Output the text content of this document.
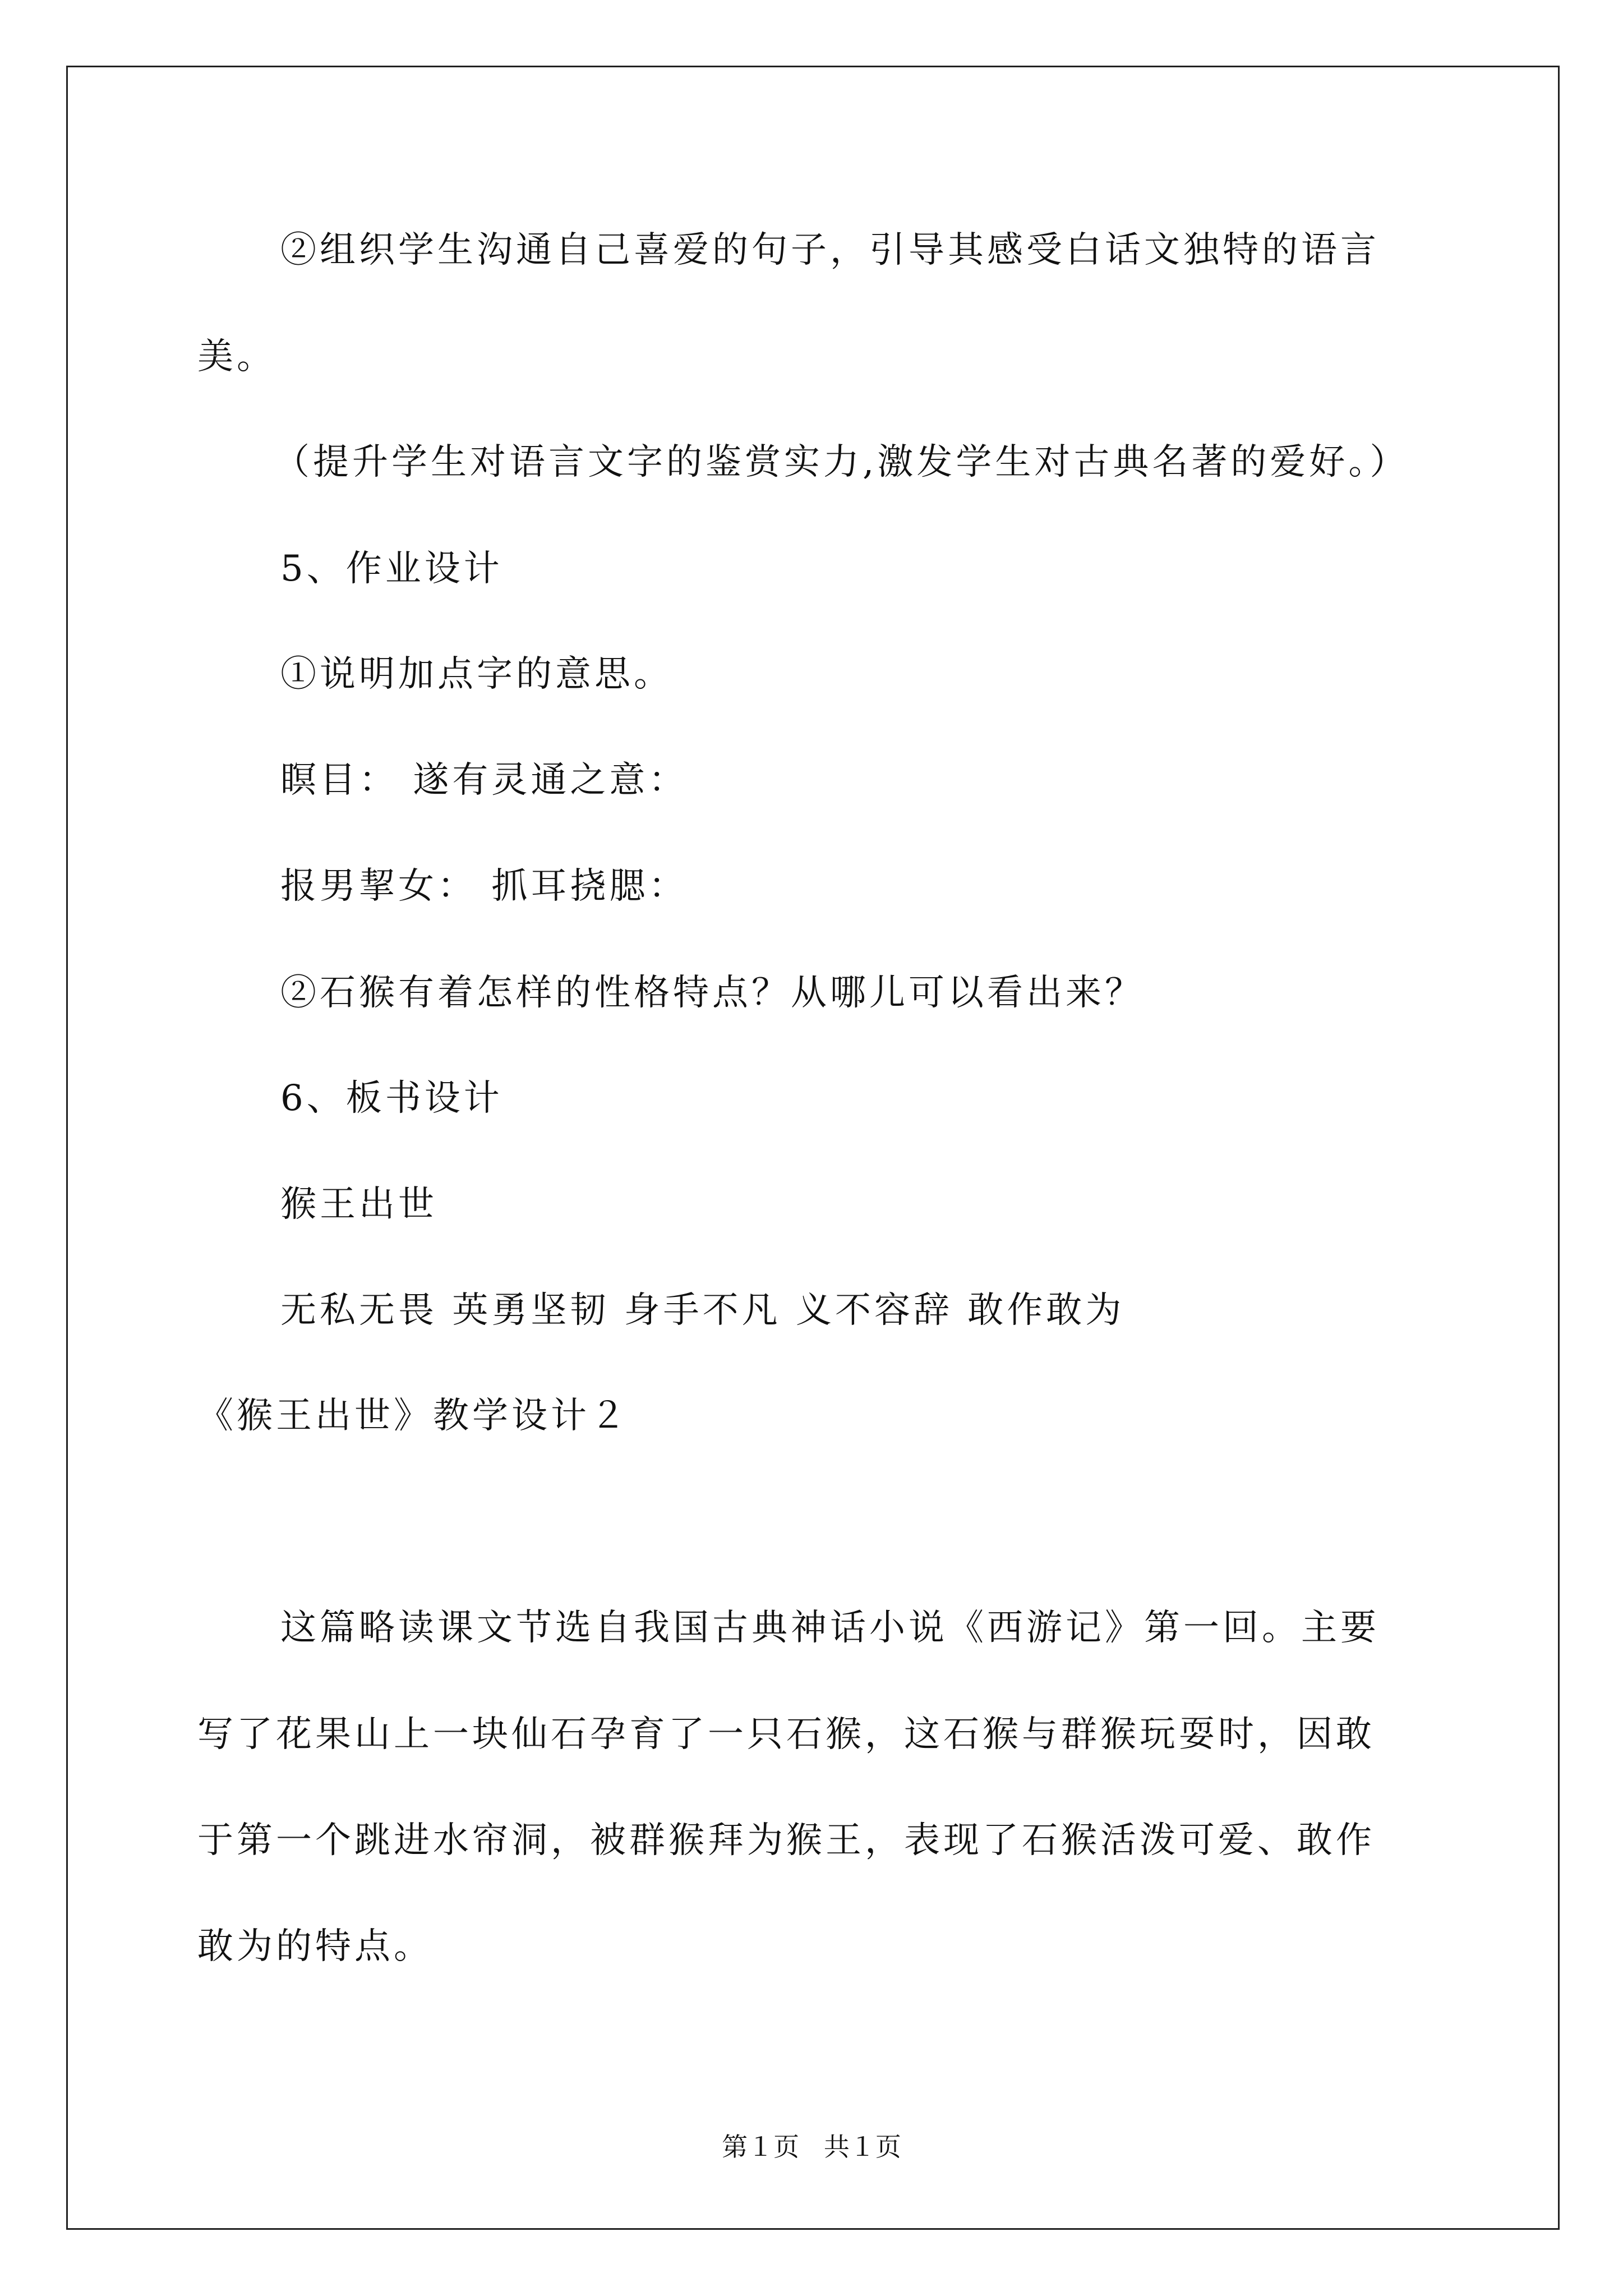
②组织学生沟通自己喜爱的句子，引导其感受白话文独特的语言
美。
（提升学生对语言文字的鉴赏实力,激发学生对古典名著的爱好。）
5、作业设计
①说明加点字的意思。
瞑目： 遂有灵通之意：
报男挈女： 抓耳挠腮：
②石猴有着怎样的性格特点？从哪儿可以看出来？
6、板书设计
猴王出世
无私无畏 英勇坚韧 身手不凡 义不容辞 敢作敢为
《猴王出世》教学设计２
这篇略读课文节选自我国古典神话小说《西游记》第一回。主要
写了花果山上一块仙石孕育了一只石猴，这石猴与群猴玩耍时，因敢
于第一个跳进水帘洞，被群猴拜为猴王，表现了石猴活泼可爱、敢作
敢为的特点。
第１页   共１页
